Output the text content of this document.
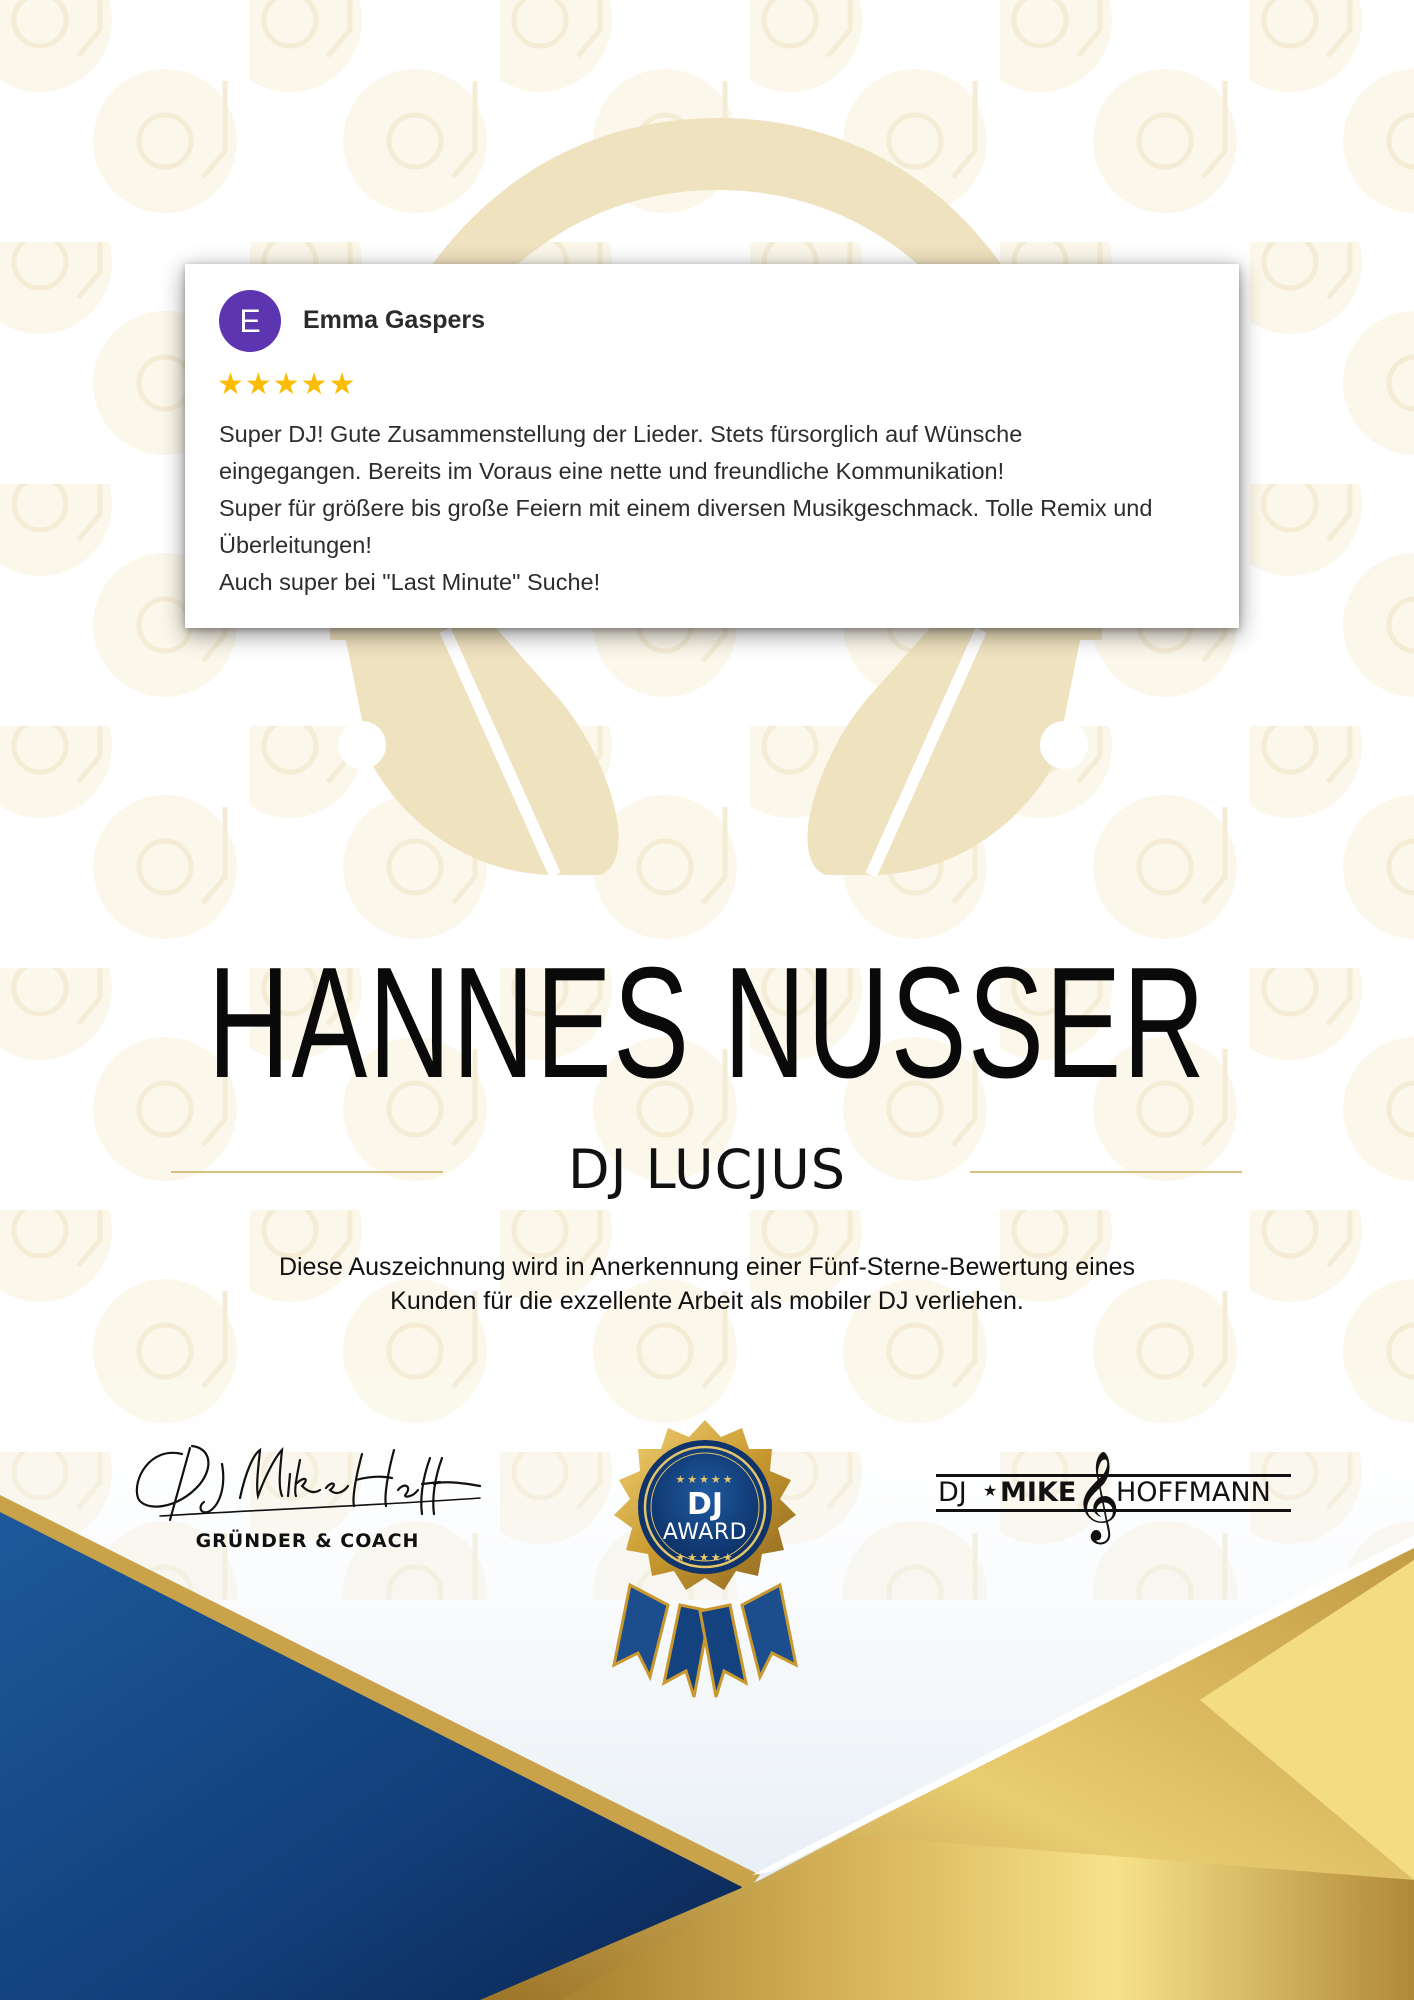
E	Emma Gaspers
★★★★★
Super DJ! Gute Zusammenstellung der Lieder. Stets fürsorglich auf Wünsche
eingegangen. Bereits im Voraus eine nette und freundliche Kommunikation!
Super für größere bis große Feiern mit einem diversen Musikgeschmack. Tolle Remix und
Überleitungen!
Auch super bei "Last Minute" Suche!
HANNES NUSSER
DJ LUCJUS
Diese Auszeichnung wird in Anerkennung einer Fünf-Sterne-Bewertung eines
Kunden für die exzellente Arbeit als mobiler DJ verliehen.
GRÜNDER & COACH
★★★★★
DJ
AWARD
★★★★★
DJ ★ MIKE
𝄞
HOFFMANN
